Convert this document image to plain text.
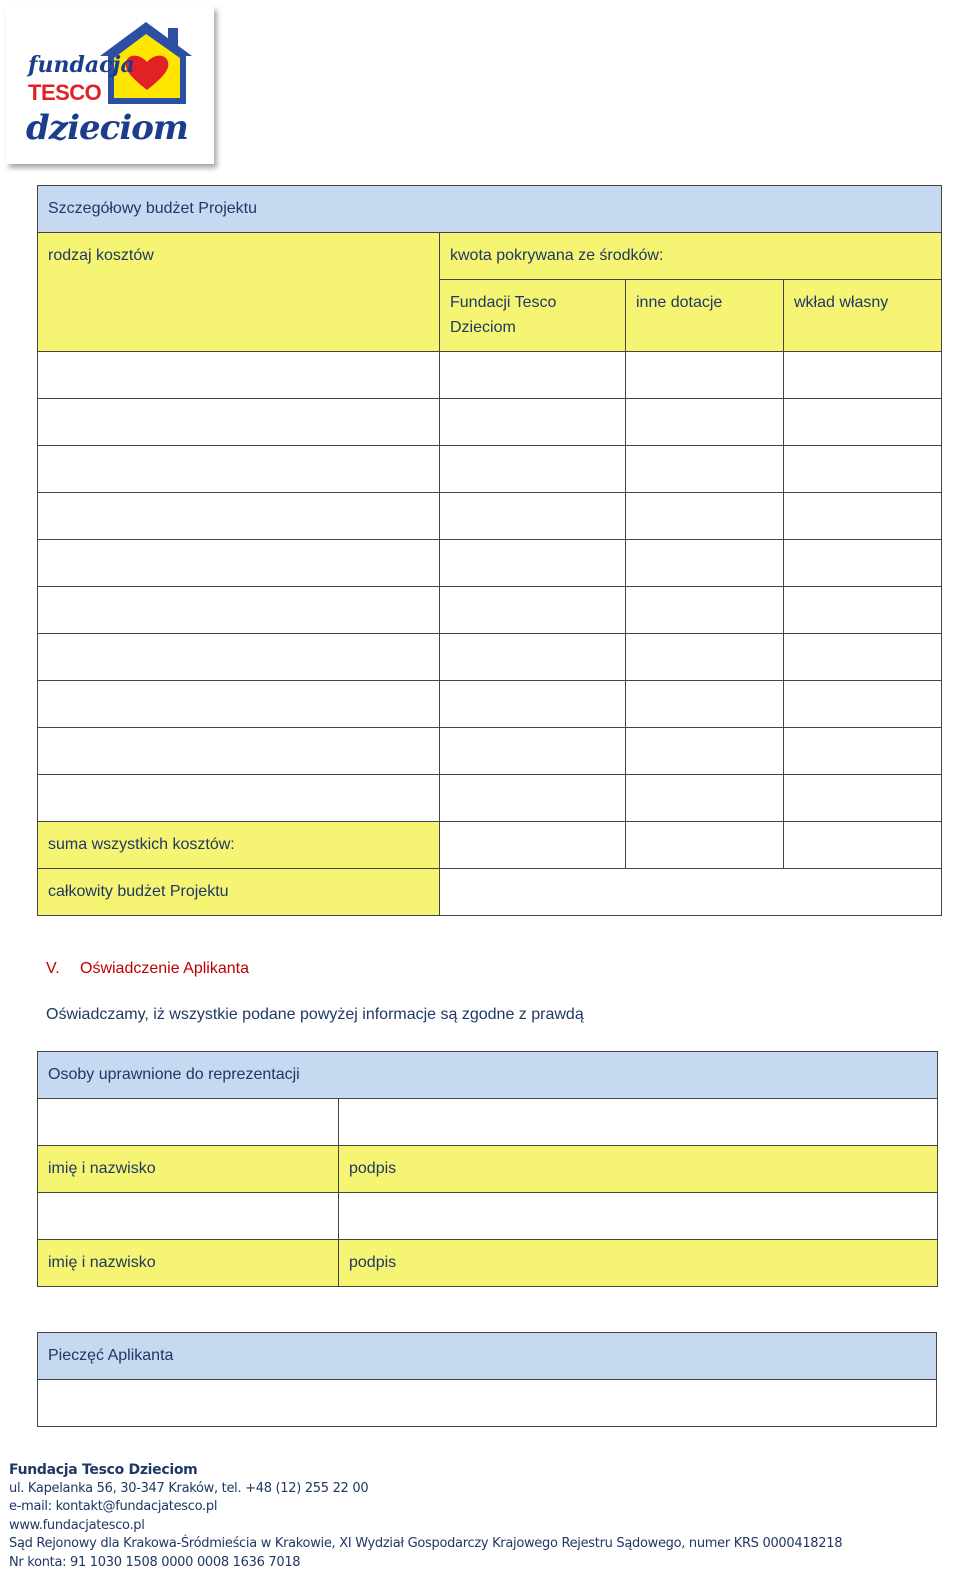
fundacja
TESCO
dzieciom
Szczegółowy budżet Projektu			
rodzaj kosztów	kwota pokrywana ze środków:		
	Fundacji Tesco Dzieciom	inne dotacje	wkład własny

suma wszystkich kosztów:			
całkowity budżet Projektu			
V. Oświadczenie Aplikanta
Oświadczamy, iż wszystkie podane powyżej informacje są zgodne z prawdą
Osoby uprawnione do reprezentacji	

imię i nazwisko	podpis

imię i nazwisko	podpis
Pieczęć Aplikanta

Fundacja Tesco Dzieciom
ul. Kapelanka 56, 30-347 Kraków, tel. +48 (12) 255 22 00
e-mail: kontakt@fundacjatesco.pl
www.fundacjatesco.pl
Sąd Rejonowy dla Krakowa-Śródmieścia w Krakowie, XI Wydział Gospodarczy Krajowego Rejestru Sądowego, numer KRS 0000418218
Nr konta: 91 1030 1508 0000 0008 1636 7018
